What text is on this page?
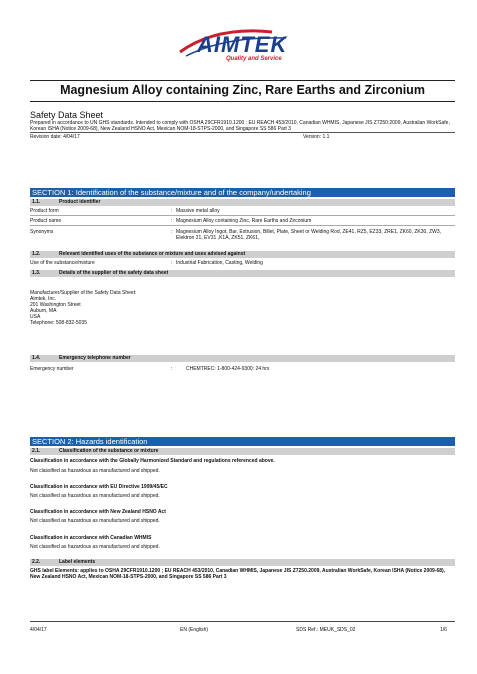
AIMTEK
Quality and Service
Magnesium Alloy containing Zinc, Rare Earths and Zirconium
Safety Data Sheet
Prepared in accordance to UN GHS standards. Intended to comply with OSHA 29CFR1910.1200 ; EU REACH 453/2010, Canadian WHMIS, Japanese JIS Z7250:2009, Australian WorkSafe, Korean ISHA (Notice 2009-68), New Zealand HSNO Act, Mexican NOM-18-STPS-2000, and Singapore SS 586 Part 3
Revision date: 4/04/17	Version: 1.1
SECTION 1: Identification of the substance/mixture and of the company/undertaking
1.1.	Product identifier
Product form	: Massive metal alloy
Product name	: Magnesium Alloy containing Zinc, Rare Earths and Zirconium
Synonyms	: Magnesium Alloy Ingot, Bar, Extrusion, Billet, Plate, Sheet or Welding Rod, ZE41, RZ5, EZ33, ZRE1, ZK60, ZK30, ZW3, Elektron 21, EV31 ,K1A, ZK51, ZK61,
1.2.	Relevant identified uses of the substance or mixture and uses advised against
Use of the substance/mixture	: Industrial Fabrication, Casting, Welding
1.3.	Details of the supplier of the safety data sheet
Manufacturer/Supplier of the Safety Data Sheet:
Aimtek, Inc.
201 Washington Street
Auburn, MA
USA
Telephone: 508-832-5035
1.4.	Emergency telephone number
Emergency number	:	CHEMTREC: 1-800-424-9300: 24 hrs
SECTION 2: Hazards identification
2.1.	Classification of the substance or mixture
Classification in accordance with the Globally Harmonized Standard and regulations referenced above.
Not classified as hazardous as manufactured and shipped.
Classification in accordance with EU Directive 1999/45/EC
Not classified as hazardous as manufactured and shipped.
Classification in accordance with New Zealand HSNO Act
Not classified as hazardous as manufactured and shipped.
Classification in accordance with Canadian WHMIS
Not classified as hazardous as manufactured and shipped.
2.2.	Label elements
GHS label Elements: applies to OSHA 29CFR1910.1200 ; EU REACH 453/2010, Canadian WHMIS, Japanese JIS Z7250.2009, Australian WorkSafe, Korean ISHA (Notice 2009-68), New Zealand HSNO Act, Mexican NOM-18-STPS-2000, and Singapore SS 586 Part 3
4/04/17	EN (English)	SDS Ref.: MEUK_SDS_02	1/6
